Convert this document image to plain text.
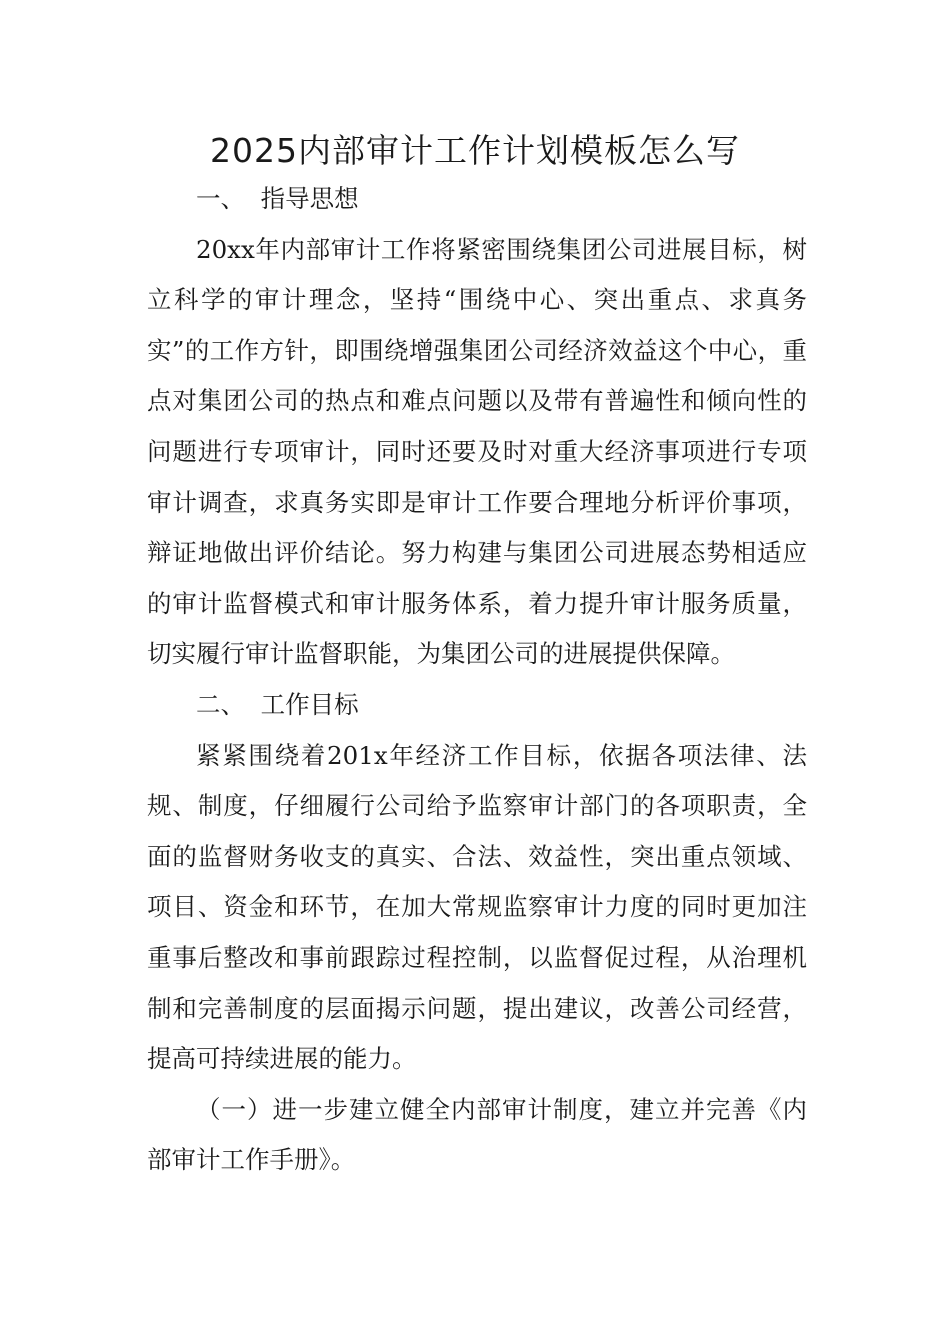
2025内部审计工作计划模板怎么写

一、  指导思想

20xx年内部审计工作将紧密围绕集团公司进展目标，树立科学的审计理念，坚持“围绕中心、突出重点、求真务实”的工作方针，即围绕增强集团公司经济效益这个中心，重点对集团公司的热点和难点问题以及带有普遍性和倾向性的问题进行专项审计，同时还要及时对重大经济事项进行专项审计调查，求真务实即是审计工作要合理地分析评价事项，辩证地做出评价结论。努力构建与集团公司进展态势相适应的审计监督模式和审计服务体系，着力提升审计服务质量，切实履行审计监督职能，为集团公司的进展提供保障。

二、  工作目标

紧紧围绕着201x年经济工作目标，依据各项法律、法规、制度，仔细履行公司给予监察审计部门的各项职责，全面的监督财务收支的真实、合法、效益性，突出重点领域、项目、资金和环节，在加大常规监察审计力度的同时更加注重事后整改和事前跟踪过程控制，以监督促过程，从治理机制和完善制度的层面揭示问题，提出建议，改善公司经营，提高可持续进展的能力。

（一）进一步建立健全内部审计制度，建立并完善《内部审计工作手册》。
